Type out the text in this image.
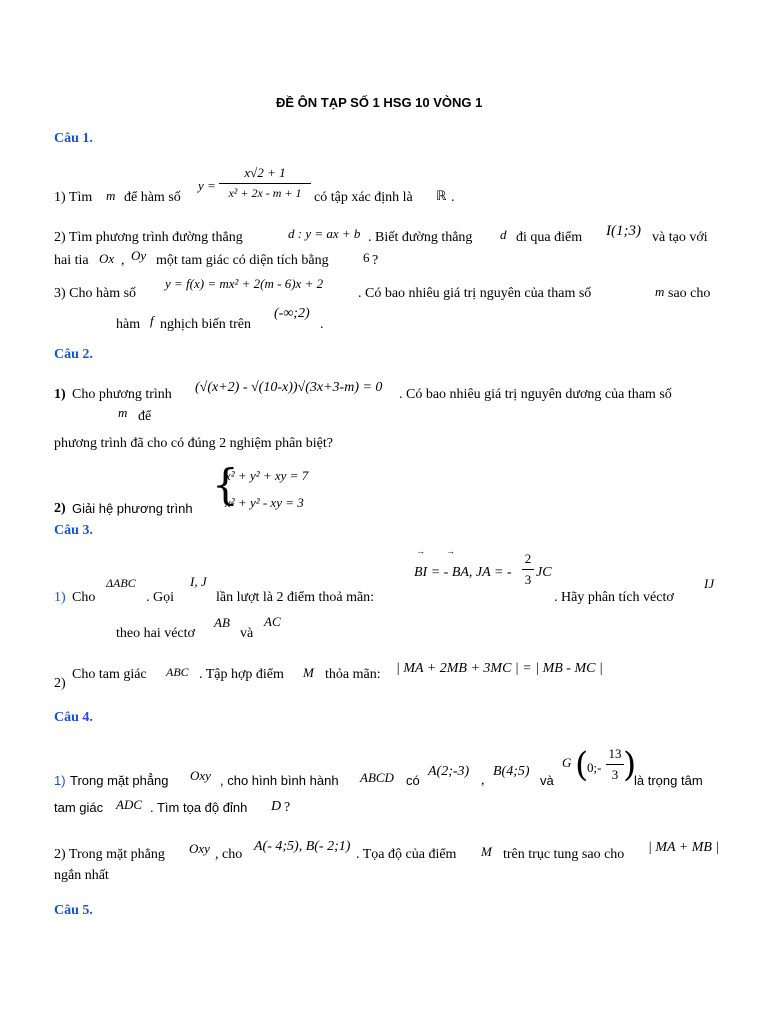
ĐỀ ÔN TẠP SỐ 1 HSG 10 VÒNG 1
Câu 1.
1) Tìm m để hàm số
y =
x√2 + 1
x² + 2x - m + 1 có tập xác định là ℝ .
2) Tìm phương trình đường thẳng	d : y = ax + b . Biết đường thẳng d đi qua điểm I(1;3) và tạo với
hai tia Ox , Oy một tam giác có diện tích bằng	6 ?
3) Cho hàm số
y = f(x) = mx² + 2(m - 6)x + 2
. Có bao nhiêu giá trị nguyên của tham số	m sao cho
hàm f nghịch biến trên
(-∞;2)
.
Câu 2.
1) Cho phương trình (√(x+2) - √(10-x))√(3x+3-m) = 0 . Có bao nhiêu giá trị nguyên dương của tham số
m để
phương trình đã cho có đúng 2 nghiệm phân biệt?
2) Giải hệ phương trình {
x² + y² + xy = 7
x² + y² - xy = 3
Câu 3.
1) Cho
ΔABC
. Gọi
I, J
lần lượt là 2 điểm thoả mãn:
→ →
BI = - BA, JA = -
2
3 JC
. Hãy phân tích véctơ
IJ
theo hai véctơ
AB
và
AC
2)
Cho tam giác ABC . Tập hợp điểm M thỏa mãn: | MA + 2MB + 3MC | = | MB - MC |
Câu 4.
1) Trong mặt phẳng Oxy , cho hình bình hành ABCD có
A(2;-3)
,
B(4;5)
và
G (
0;-
13
3 )
là trọng tâm
tam giác ADC . Tìm tọa độ đỉnh D ?
2) Trong mặt phẳng Oxy , cho
A(- 4;5), B(- 2;1)
. Tọa độ của điểm M trên trục tung sao cho | MA + MB |
ngắn nhất
Câu 5.
